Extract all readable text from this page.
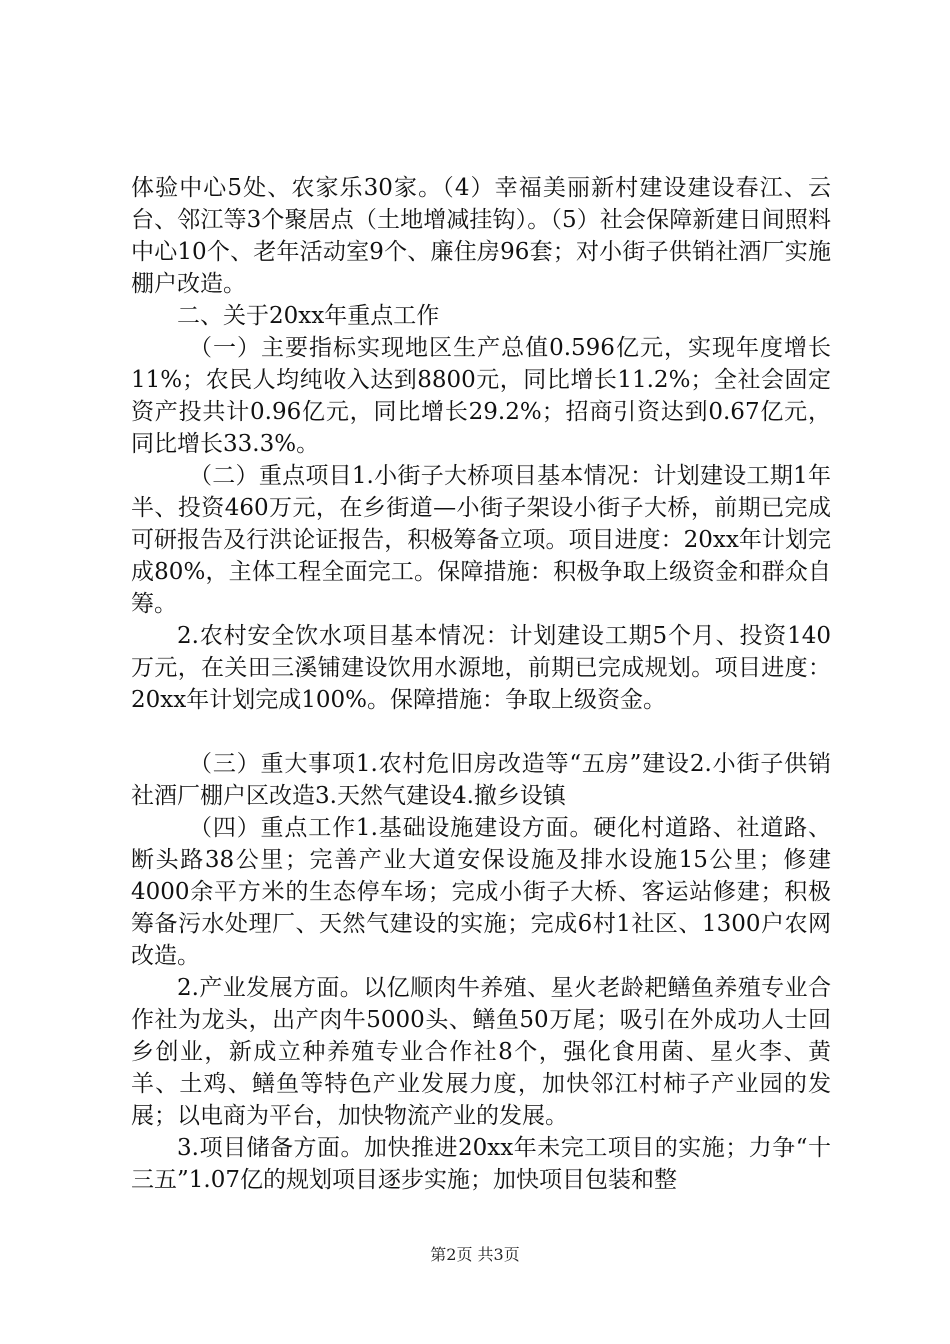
体验中心5处、农家乐30家。（4）幸福美丽新村建设建设春江、云台、邻江等3个聚居点（土地增减挂钩）。（5）社会保障新建日间照料中心10个、老年活动室9个、廉住房96套；对小街子供销社酒厂实施棚户改造。

二、关于20xx年重点工作

（一）主要指标实现地区生产总值0.596亿元，实现年度增长11%；农民人均纯收入达到8800元，同比增长11.2%；全社会固定资产投共计0.96亿元，同比增长29.2%；招商引资达到0.67亿元，同比增长33.3%。

（二）重点项目1.小街子大桥项目基本情况：计划建设工期1年半、投资460万元，在乡街道—小街子架设小街子大桥，前期已完成可研报告及行洪论证报告，积极筹备立项。项目进度：20xx年计划完成80%，主体工程全面完工。保障措施：积极争取上级资金和群众自筹。

2.农村安全饮水项目基本情况：计划建设工期5个月、投资140万元，在关田三溪铺建设饮用水源地，前期已完成规划。项目进度：20xx年计划完成100%。保障措施：争取上级资金。

（三）重大事项1.农村危旧房改造等“五房”建设2.小街子供销社酒厂棚户区改造3.天然气建设4.撤乡设镇

（四）重点工作1.基础设施建设方面。硬化村道路、社道路、断头路38公里；完善产业大道安保设施及排水设施15公里；修建4000余平方米的生态停车场；完成小街子大桥、客运站修建；积极筹备污水处理厂、天然气建设的实施；完成6村1社区、1300户农网改造。

2.产业发展方面。以亿顺肉牛养殖、星火老龄耙鳝鱼养殖专业合作社为龙头，出产肉牛5000头、鳝鱼50万尾；吸引在外成功人士回乡创业，新成立种养殖专业合作社8个，强化食用菌、星火李、黄羊、土鸡、鳝鱼等特色产业发展力度，加快邻江村柿子产业园的发展；以电商为平台，加快物流产业的发展。

3.项目储备方面。加快推进20xx年未完工项目的实施；力争“十三五”1.07亿的规划项目逐步实施；加快项目包装和整

第2页 共3页
